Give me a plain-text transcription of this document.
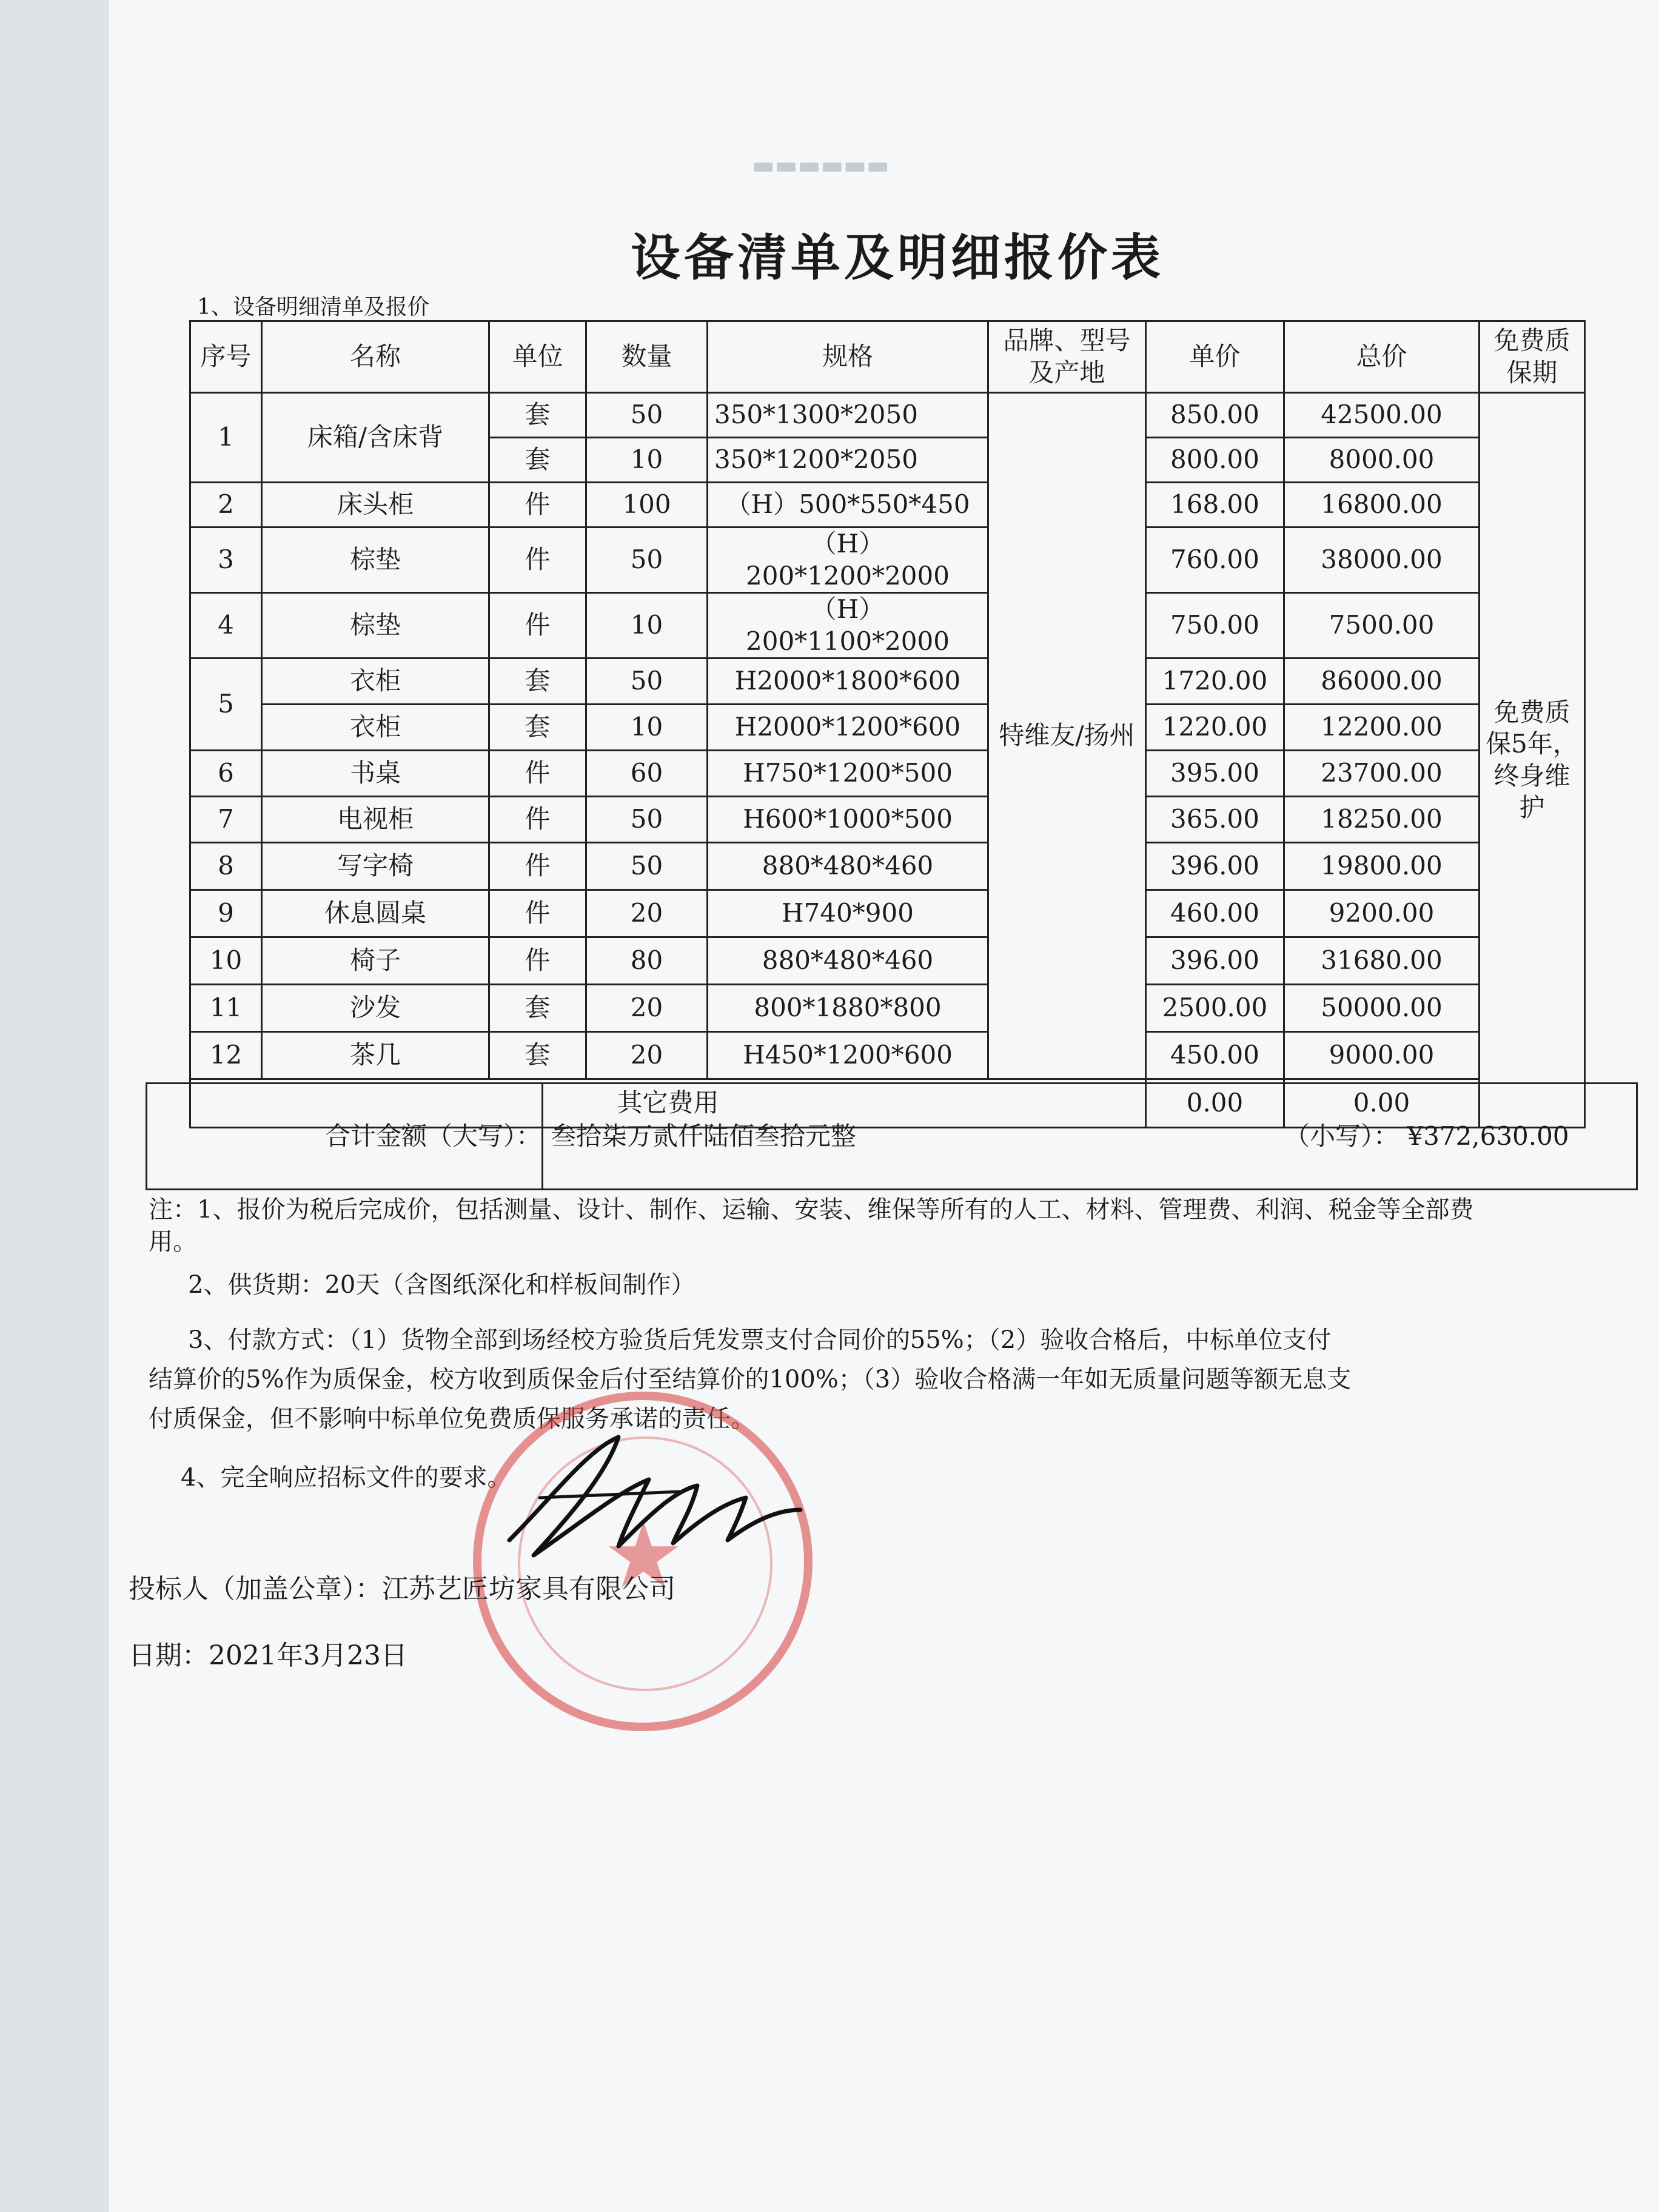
▬▬▬▬▬▬
设备清单及明细报价表
1、设备明细清单及报价
序号	名称	单位	数量	规格	品牌、型号及产地	单价	总价	免费质保期
1	床箱/含床背	套	50	350*1300*2050	特维友/扬州	850.00	42500.00	免费质保5年，终身维护
		套	10	350*1200*2050		800.00	8000.00	
2	床头柜	件	100	（H）500*550*450		168.00	16800.00	
3	棕垫	件	50	（H）200*1200*2000		760.00	38000.00	
4	棕垫	件	10	（H）200*1100*2000		750.00	7500.00	
5	衣柜	套	50	H2000*1800*600		1720.00	86000.00	
	衣柜	套	10	H2000*1200*600		1220.00	12200.00	
6	书桌	件	60	H750*1200*500		395.00	23700.00	
7	电视柜	件	50	H600*1000*500		365.00	18250.00	
8	写字椅	件	50	880*480*460		396.00	19800.00	
9	休息圆桌	件	20	H740*900		460.00	9200.00	
10	椅子	件	80	880*480*460		396.00	31680.00	
11	沙发	套	20	800*1880*800		2500.00	50000.00	
12	茶几	套	20	H450*1200*600		450.00	9000.00	
其它费用						0.00	0.00	
合计金额（大写）： 叁拾柒万贰仟陆佰叁拾元整	（小写）： ¥372,630.00
注：1、报价为税后完成价，包括测量、设计、制作、运输、安装、维保等所有的人工、材料、管理费、利润、税金等全部费
用。
2、供货期：20天（含图纸深化和样板间制作）
3、付款方式：（1）货物全部到场经校方验货后凭发票支付合同价的55%；（2）验收合格后，中标单位支付
结算价的5%作为质保金，校方收到质保金后付至结算价的100%；（3）验收合格满一年如无质量问题等额无息支
付质保金，但不影响中标单位免费质保服务承诺的责任。
4、完全响应招标文件的要求。
★
投标人（加盖公章）：江苏艺匠坊家具有限公司
日期：2021年3月23日
